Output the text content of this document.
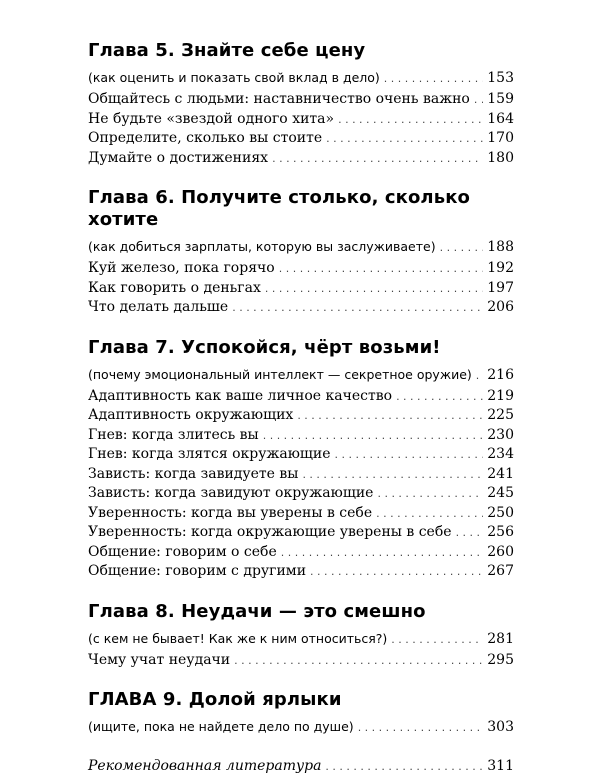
Глава 5. Знайте себе цену
(как оценить и показать свой вклад в дело) . . .	153
Общайтесь с людьми: наставничество очень важно . . . 159
Не будьте «звездой одного хита» . . .	164
Определите, сколько вы стоите . . .	170
Думайте о достижениях . . .	180
Глава 6. Получите столько, сколько хотите
(как добиться зарплаты, которую вы заслуживаете) . . .	188
Куй железо, пока горячо . . .	192
Как говорить о деньгах . . .	197
Что делать дальше . . .	206
Глава 7. Успокойся, чёрт возьми!
(почему эмоциональный интеллект — секретное оружие) . . . 216
Адаптивность как ваше личное качество . . .	219
Адаптивность окружающих . . .	225
Гнев: когда злитесь вы . . .	230
Гнев: когда злятся окружающие . . .	234
Зависть: когда завидуете вы . . .	241
Зависть: когда завидуют окружающие . . .	245
Уверенность: когда вы уверены в себе . . .	250
Уверенность: когда окружающие уверены в себе . . .	256
Общение: говорим о себе . . .	260
Общение: говорим с другими . . .	267
Глава 8. Неудачи — это смешно
(с кем не бывает! Как же к ним относиться?) . . .	281
Чему учат неудачи . . .	295
ГЛАВА 9. Долой ярлыки
(ищите, пока не найдете дело по душе) . . .	303
Рекомендованная литература . . .	311
